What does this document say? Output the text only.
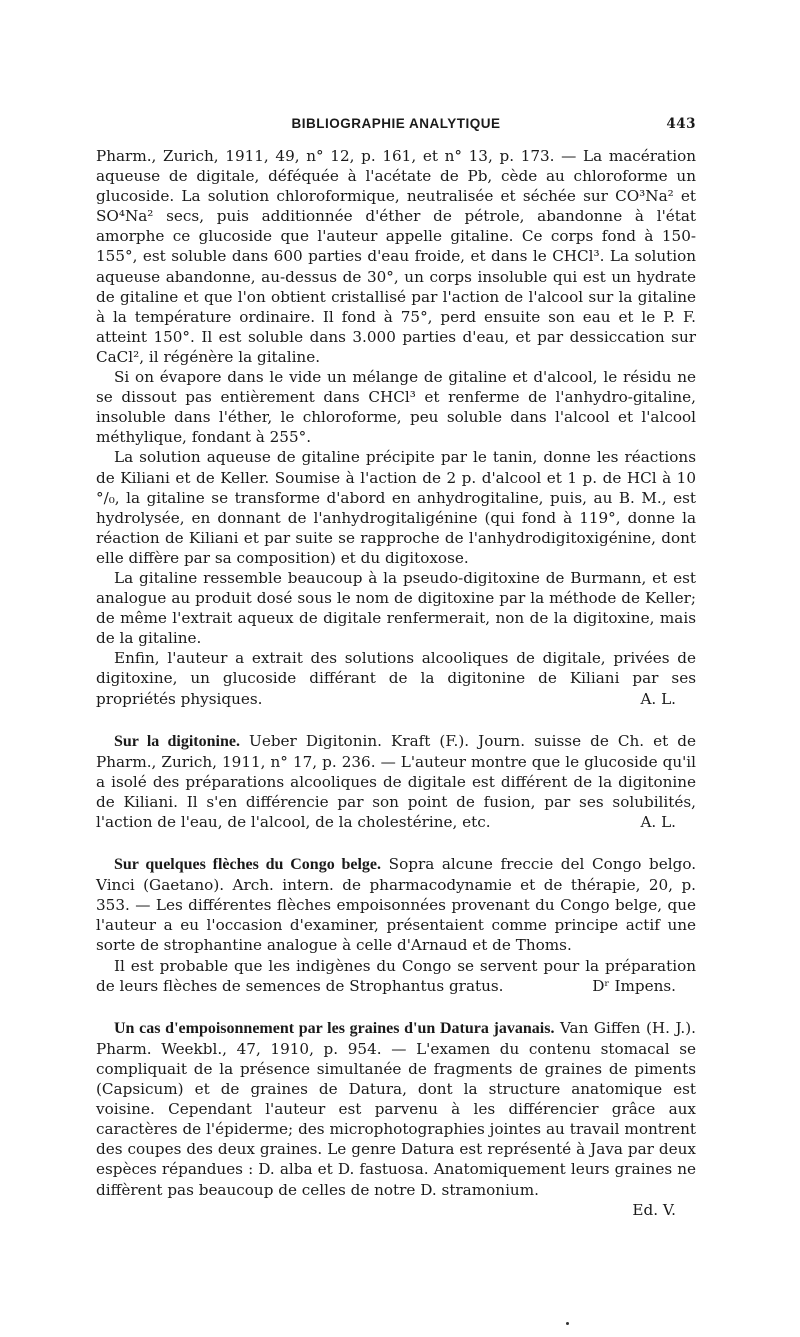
BIBLIOGRAPHIE ANALYTIQUE	443

Pharm., Zurich, 1911, 49, n° 12, p. 161, et n° 13, p. 173. — La macération aqueuse de digitale, déféquée à l'acétate de Pb, cède au chloroforme un glucoside. La solution chloroformique, neutralisée et séchée sur CO³Na² et SO⁴Na² secs, puis additionnée d'éther de pétrole, abandonne à l'état amorphe ce glucoside que l'auteur appelle gitaline. Ce corps fond à 150-155°, est soluble dans 600 parties d'eau froide, et dans le CHCl³. La solution aqueuse abandonne, au-dessus de 30°, un corps insoluble qui est un hydrate de gitaline et que l'on obtient cristallisé par l'action de l'alcool sur la gitaline à la température ordinaire. Il fond à 75°, perd ensuite son eau et le P. F. atteint 150°. Il est soluble dans 3.000 parties d'eau, et par dessiccation sur CaCl², il régénère la gitaline.

Si on évapore dans le vide un mélange de gitaline et d'alcool, le résidu ne se dissout pas entièrement dans CHCl³ et renferme de l'anhydro-gitaline, insoluble dans l'éther, le chloroforme, peu soluble dans l'alcool et l'alcool méthylique, fondant à 255°.

La solution aqueuse de gitaline précipite par le tanin, donne les réactions de Kiliani et de Keller. Soumise à l'action de 2 p. d'alcool et 1 p. de HCl à 10 °/₀, la gitaline se transforme d'abord en anhydrogitaline, puis, au B. M., est hydrolysée, en donnant de l'anhydrogitaligénine (qui fond à 119°, donne la réaction de Kiliani et par suite se rapproche de l'anhydrodigitoxigénine, dont elle diffère par sa composition) et du digitoxose.

La gitaline ressemble beaucoup à la pseudo-digitoxine de Burmann, et est analogue au produit dosé sous le nom de digitoxine par la méthode de Keller; de même l'extrait aqueux de digitale renfermerait, non de la digitoxine, mais de la gitaline.

Enfin, l'auteur a extrait des solutions alcooliques de digitale, privées de digitoxine, un glucoside différant de la digitonine de Kiliani par ses propriétés physiques.	A. L.

Sur la digitonine. Ueber Digitonin. Kraft (F.). Journ. suisse de Ch. et de Pharm., Zurich, 1911, n° 17, p. 236. — L'auteur montre que le glucoside qu'il a isolé des préparations alcooliques de digitale est différent de la digitonine de Kiliani. Il s'en différencie par son point de fusion, par ses solubilités, l'action de l'eau, de l'alcool, de la cholestérine, etc.	A. L.

Sur quelques flèches du Congo belge. Sopra alcune freccie del Congo belgo. Vinci (Gaetano). Arch. intern. de pharmacodynamie et de thérapie, 20, p. 353. — Les différentes flèches empoisonnées provenant du Congo belge, que l'auteur a eu l'occasion d'examiner, présentaient comme principe actif une sorte de strophantine analogue à celle d'Arnaud et de Thoms.

Il est probable que les indigènes du Congo se servent pour la préparation de leurs flèches de semences de Strophantus gratus.	Dʳ Impens.

Un cas d'empoisonnement par les graines d'un Datura javanais. Van Giffen (H. J.). Pharm. Weekbl., 47, 1910, p. 954. — L'examen du contenu stomacal se compliquait de la présence simultanée de fragments de graines de piments (Capsicum) et de graines de Datura, dont la structure anatomique est voisine. Cependant l'auteur est parvenu à les différencier grâce aux caractères de l'épiderme; des microphotographies jointes au travail montrent des coupes des deux graines. Le genre Datura est représenté à Java par deux espèces répandues : D. alba et D. fastuosa. Anatomiquement leurs graines ne diffèrent pas beaucoup de celles de notre D. stramonium.

Ed. V.
